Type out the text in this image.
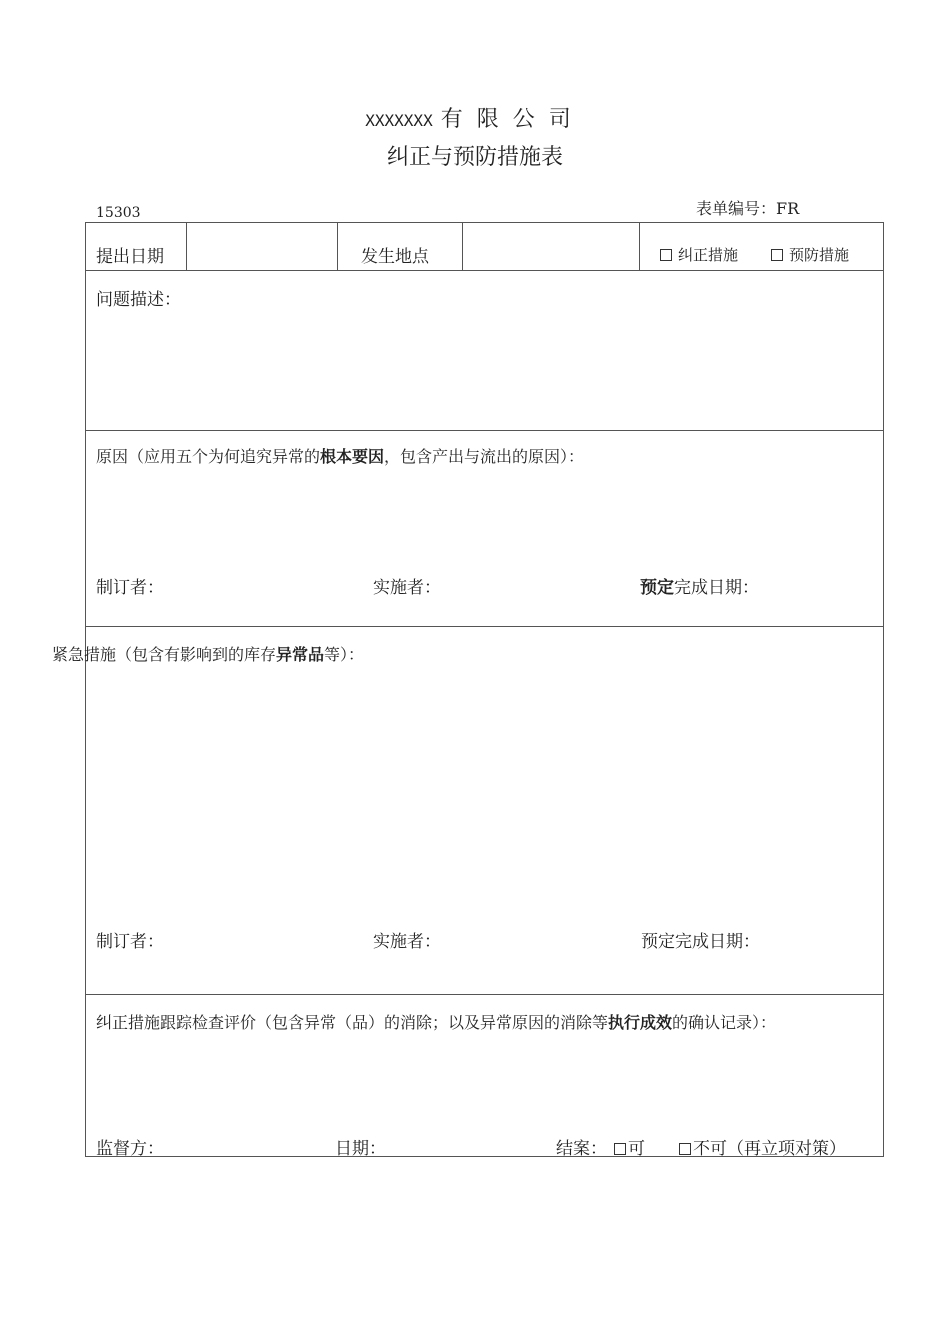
XXXXXXX 有限公司
纠正与预防措施表
表单编号：FR
15303
提出日期	发生地点	纠正措施	预防措施
问题描述：
原因（应用五个为何追究异常的根本要因，包含产出与流出的原因）：
制订者：	实施者：	预定完成日期：
紧急措施（包含有影响到的库存异常品等）：
制订者：	实施者：	预定完成日期：
纠正措施跟踪检查评价（包含异常（品）的消除；以及异常原因的消除等执行成效的确认记录）：
监督方：	日期：	结案：	可	不可（再立项对策）
